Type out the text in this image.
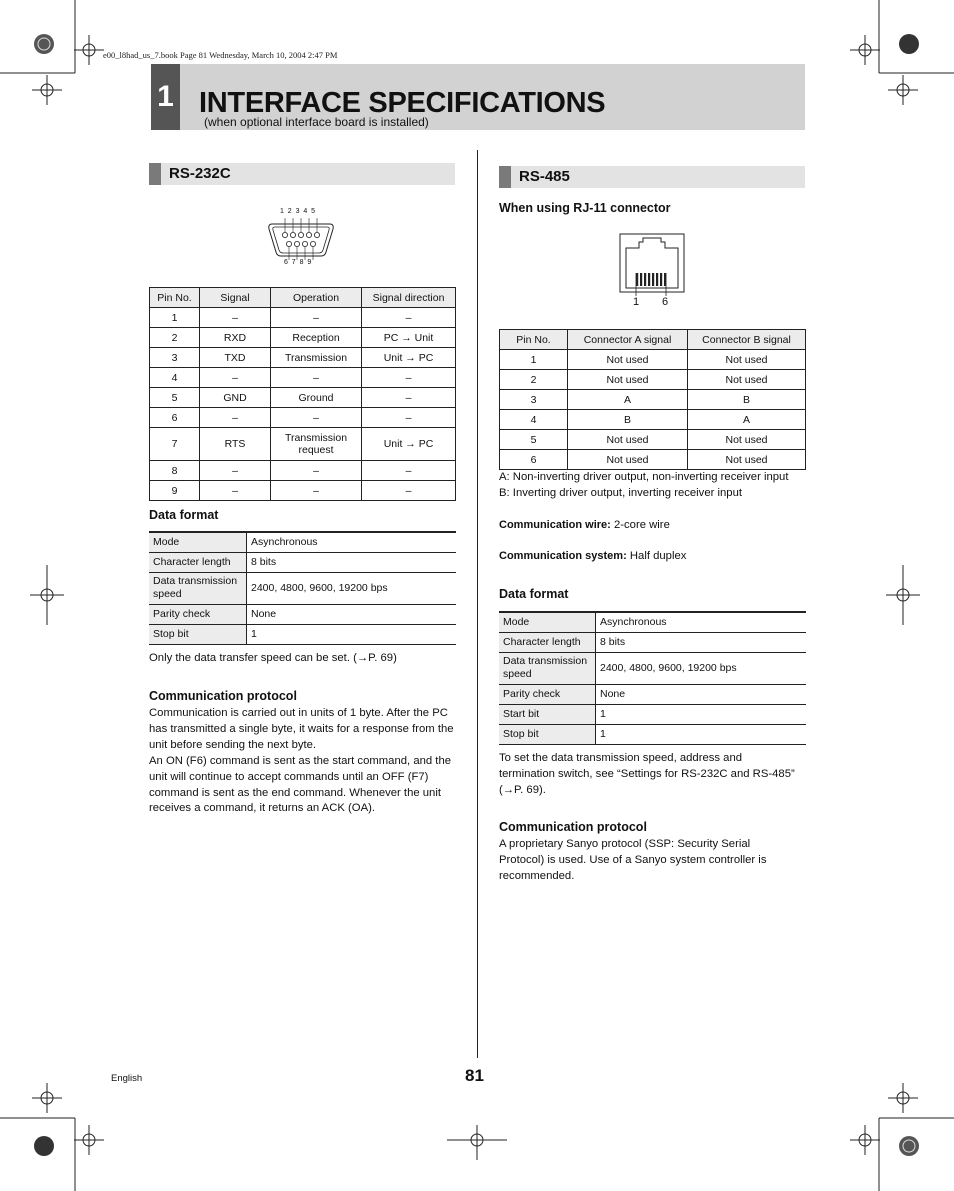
e00_l8had_us_7.book Page 81 Wednesday, March 10, 2004 2:47 PM
1 INTERFACE SPECIFICATIONS
(when optional interface board is installed)
RS-232C
1  2  3  4  5
6  7  8  9
Pin No.	Signal	Operation	Signal direction
1	–	–	–
2	RXD	Reception	PC → Unit
3	TXD	Transmission	Unit → PC
4	–	–	–
5	GND	Ground	–
6	–	–	–
7	RTS	Transmission request	Unit → PC
8	–	–	–
9	–	–	–
Data format
Mode	Asynchronous
Character length	8 bits
Data transmission speed	2400, 4800, 9600, 19200 bps
Parity check	None
Stop bit	1
Only the data transfer speed can be set. (→P. 69)
Communication protocol
Communication is carried out in units of 1 byte. After the PC has transmitted a single byte, it waits for a response from the unit before sending the next byte.
An ON (F6) command is sent as the start command, and the unit will continue to accept commands until an OFF (F7) command is sent as the end command. Whenever the unit receives a command, it returns an ACK (OA).
RS-485
When using RJ-11 connector
1 6
Pin No.	Connector A signal	Connector B signal
1	Not used	Not used
2	Not used	Not used
3	A	B
4	B	A
5	Not used	Not used
6	Not used	Not used
A: Non-inverting driver output, non-inverting receiver input
B: Inverting driver output, inverting receiver input
Communication wire: 2-core wire
Communication system: Half duplex
Data format
Mode	Asynchronous
Character length	8 bits
Data transmission speed	2400, 4800, 9600, 19200 bps
Parity check	None
Start bit	1
Stop bit	1
To set the data transmission speed, address and termination switch, see “Settings for RS-232C and RS-485” (→P. 69).
Communication protocol
A proprietary Sanyo protocol (SSP: Security Serial Protocol) is used. Use of a Sanyo system controller is recommended.
English	81
